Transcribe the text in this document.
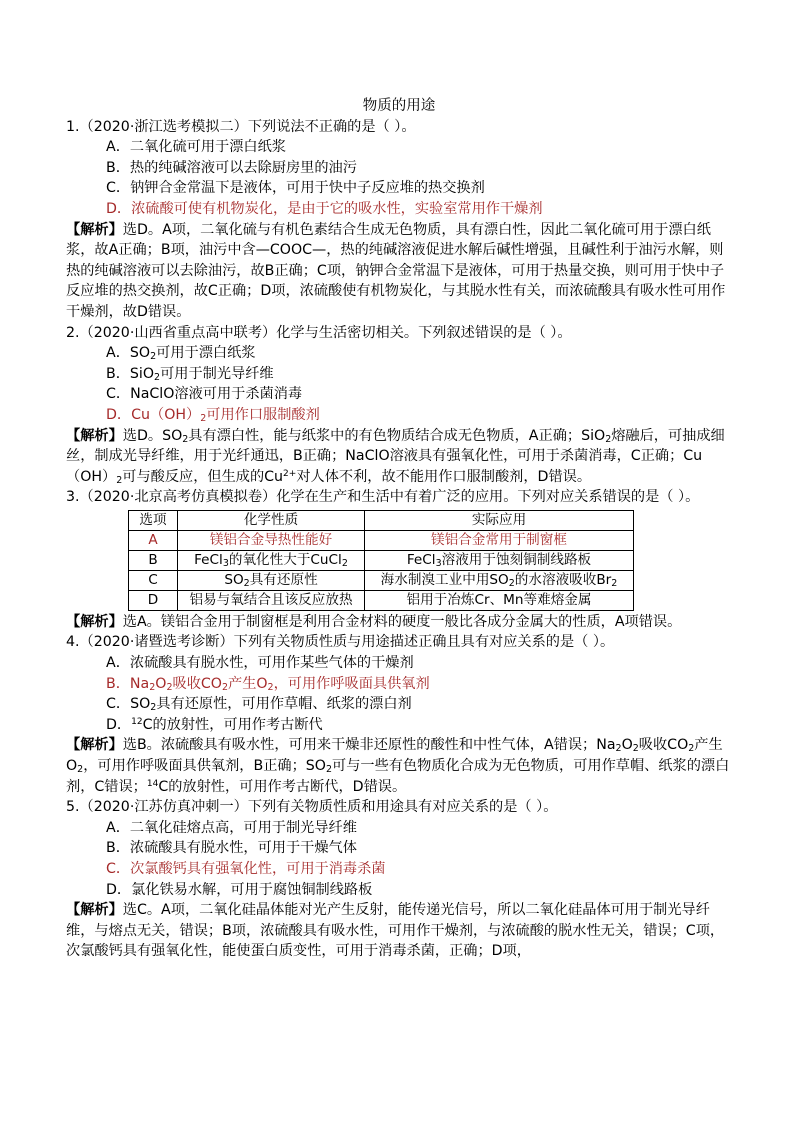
物质的用途

1.（2020·浙江选考模拟二）下列说法不正确的是（ ）。

A．二氧化硫可用于漂白纸浆

B．热的纯碱溶液可以去除厨房里的油污

C．钠钾合金常温下是液体，可用于快中子反应堆的热交换剂

D．浓硫酸可使有机物炭化，是由于它的吸水性，实验室常用作干燥剂

【解析】选D。A项，二氧化硫与有机色素结合生成无色物质，具有漂白性，因此二氧化硫可用于漂白纸浆，故A正确；B项，油污中含—COOC—，热的纯碱溶液促进水解后碱性增强，且碱性利于油污水解，则热的纯碱溶液可以去除油污，故B正确；C项，钠钾合金常温下是液体，可用于热量交换，则可用于快中子反应堆的热交换剂，故C正确；D项，浓硫酸使有机物炭化，与其脱水性有关，而浓硫酸具有吸水性可用作干燥剂，故D错误。

2.（2020·山西省重点高中联考）化学与生活密切相关。下列叙述错误的是（ ）。

A．$SO_2$可用于漂白纸浆

B．SiO$_2$可用于制光导纤维

C．NaClO溶液可用于杀菌消毒

D．$Cu(OH)_2$可用作口服制酸剂

【解析】选D。$SO_2$具有漂白性，能与纸浆中的有色物质结合成无色物质，A正确；SiO$_2$熔融后，可抽成细丝，制成光导纤维，用于光纤通迅，B正确；NaClO溶液具有强氧化性，可用于杀菌消毒，C正确；$Cu(OH)_2$可与酸反应，但生成的$Cu^{2+}$对人体不利，故不能用作口服制酸剂，D错误。

3.（2020·北京高考仿真模拟卷）化学在生产和生活中有着广泛的应用。下列对应关系错误的是（ ）。

选项	化学性质	实际应用
A	镁铝合金导热性能好	镁铝合金常用于制窗框
B	FeCl$_3$的氧化性大于CuCl$_2$	FeCl$_3$溶液用于蚀刻铜制线路板
C	$SO_2$具有还原性	海水制溴工业中用$SO_2$的水溶液吸收$Br_2$
D	铝易与氧结合且该反应放热	铝用于冶炼Cr、Mn等难熔金属

【解析】选A。镁铝合金用于制窗框是利用合金材料的硬度一般比各成分金属大的性质，A项错误。

4.（2020·诸暨选考诊断）下列有关物质性质与用途描述正确且具有对应关系的是（ ）。

A．浓硫酸具有脱水性，可用作某些气体的干燥剂

B．$Na_2O_2$吸收$CO_2$产生$O_2$，可用作呼吸面具供氧剂

C．$SO_2$具有还原性，可用作草帽、纸浆的漂白剂

D．$^{12}$C的放射性，可用作考古断代

【解析】选B。浓硫酸具有吸水性，可用来干燥非还原性的酸性和中性气体，A错误；$Na_2O_2$吸收$CO_2$产生$O_2$，可用作呼吸面具供氧剂，B正确；$SO_2$可与一些有色物质化合成为无色物质，可用作草帽、纸浆的漂白剂，C错误；$^{14}$C的放射性，可用作考古断代，D错误。

5.（2020·江苏仿真冲刺一）下列有关物质性质和用途具有对应关系的是（ ）。

A．二氧化硅熔点高，可用于制光导纤维

B．浓硫酸具有脱水性，可用于干燥气体

C．次氯酸钙具有强氧化性，可用于消毒杀菌

D．氯化铁易水解，可用于腐蚀铜制线路板

【解析】选C。A项，二氧化硅晶体能对光产生反射，能传递光信号，所以二氧化硅晶体可用于制光导纤维，与熔点无关，错误；B项，浓硫酸具有吸水性，可用作干燥剂，与浓硫酸的脱水性无关，错误；C项，次氯酸钙具有强氧化性，能使蛋白质变性，可用于消毒杀菌，正确；D项，
